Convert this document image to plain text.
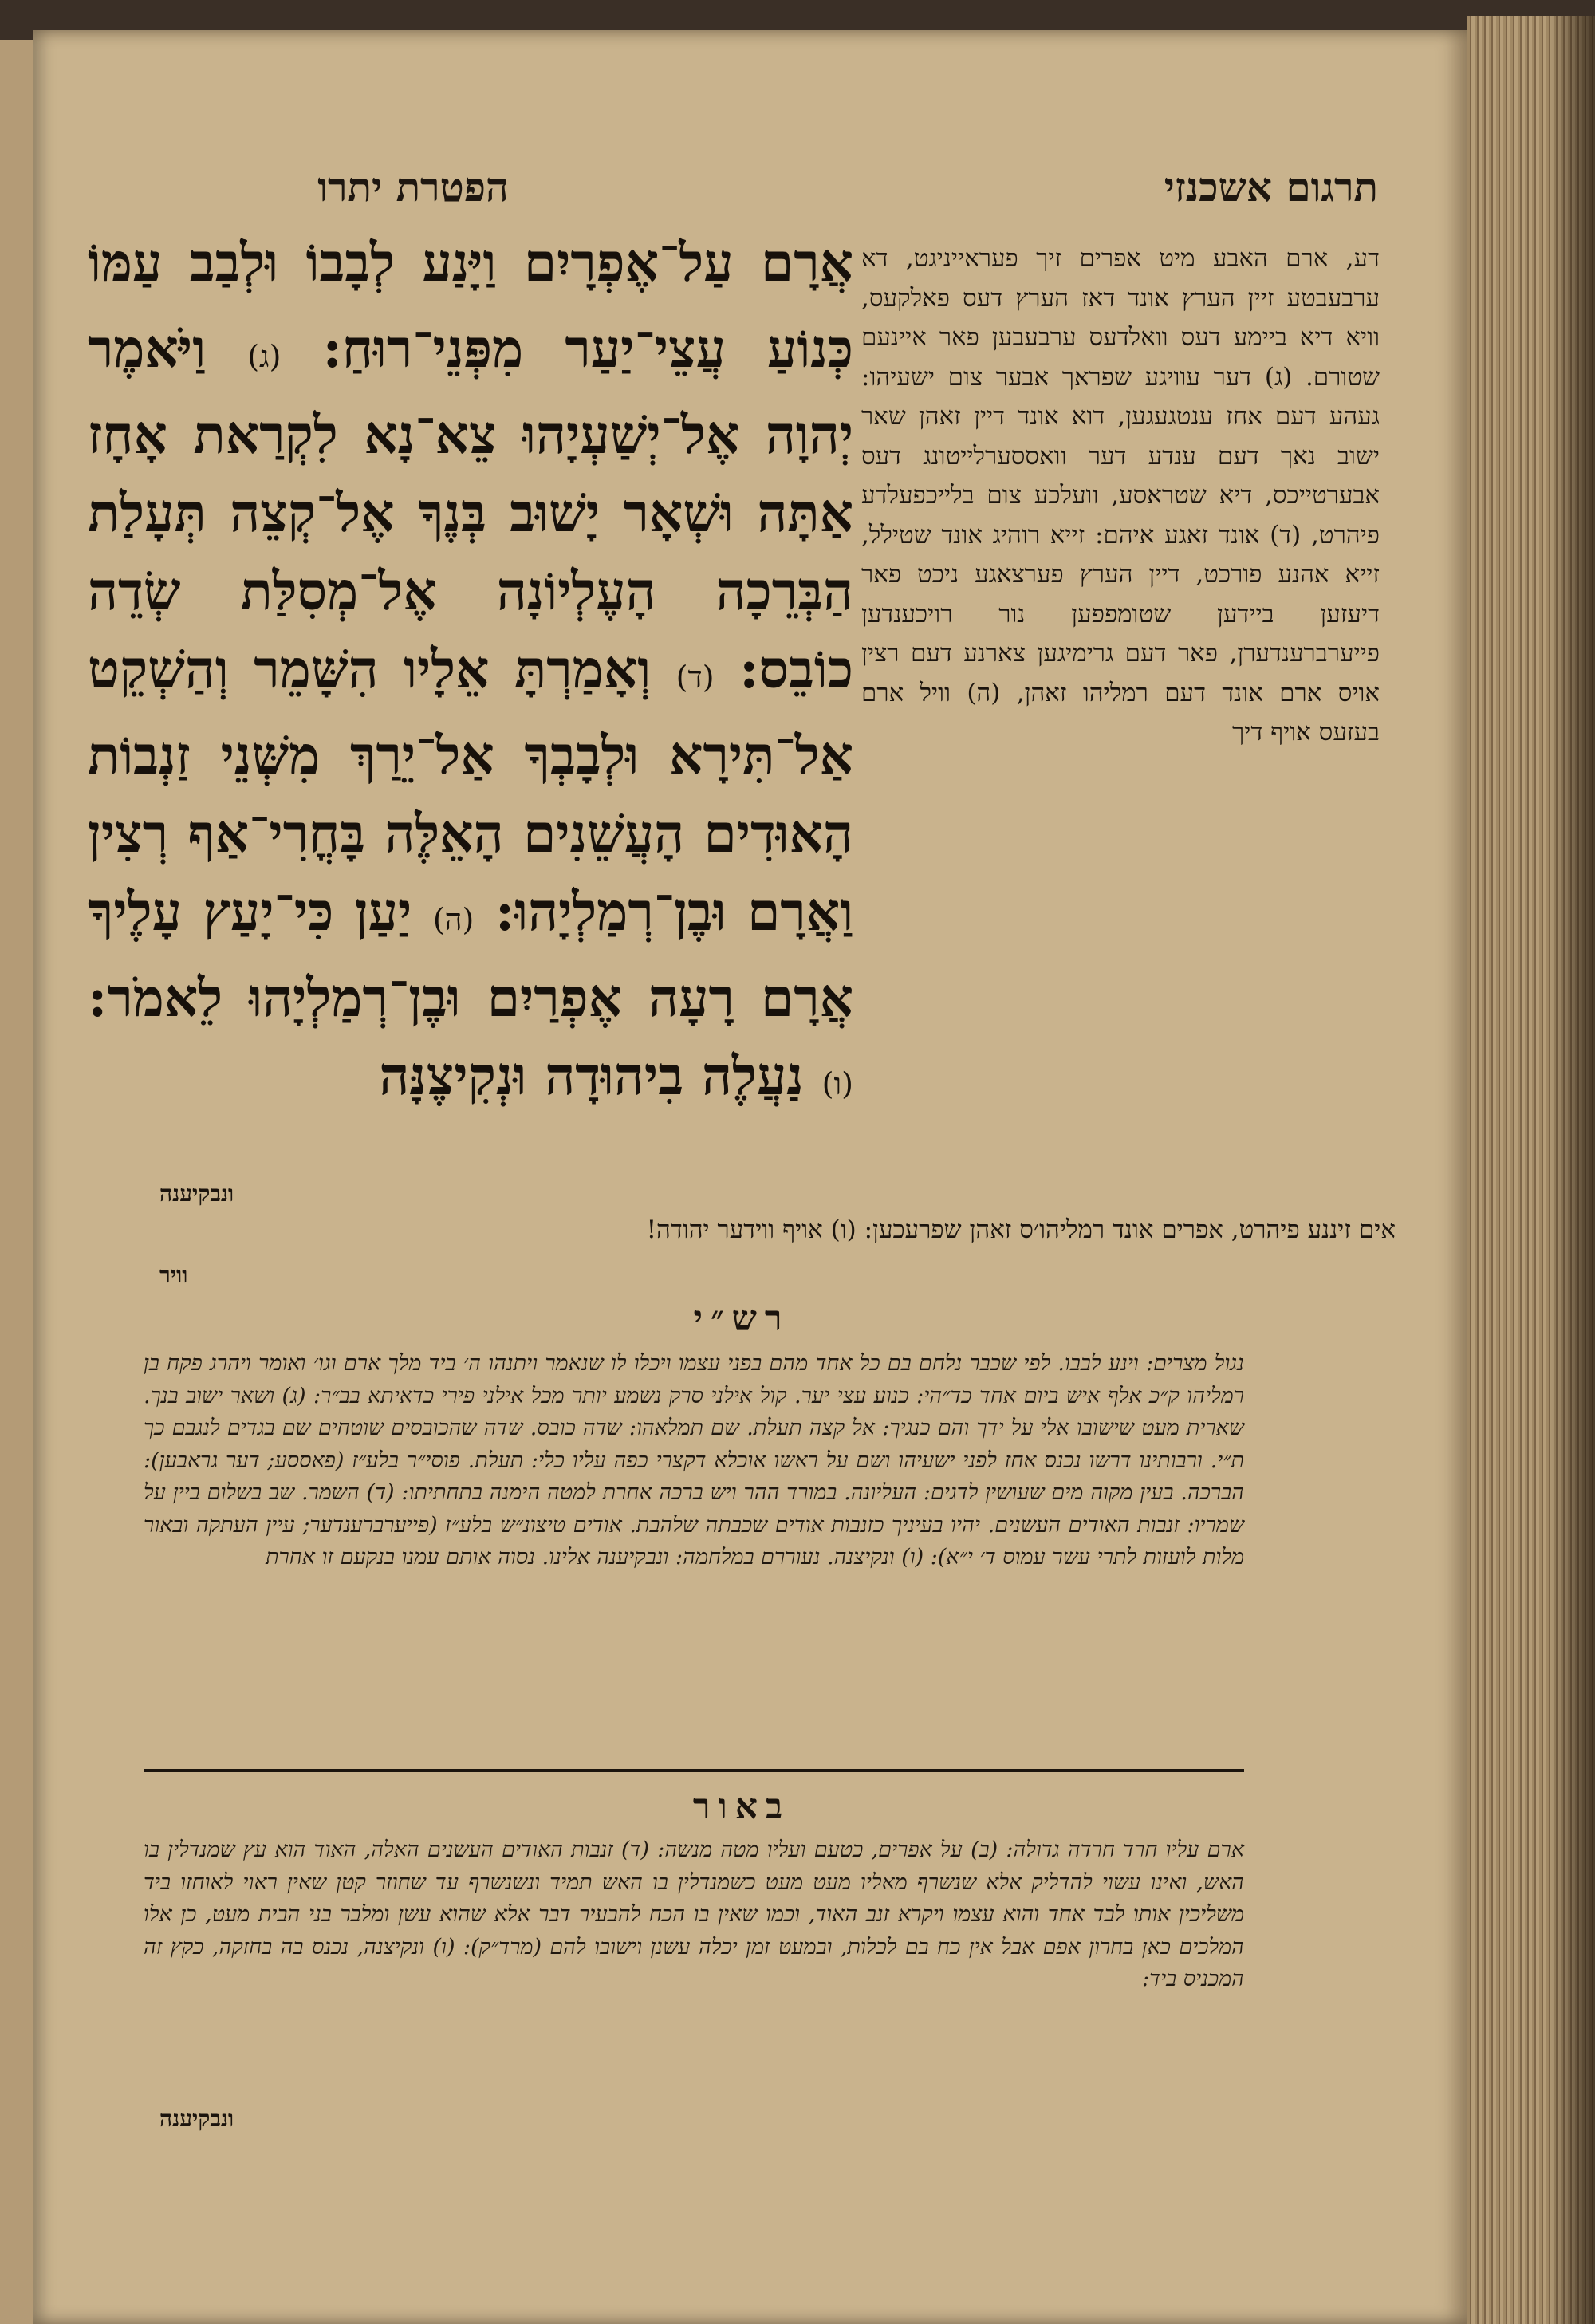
הפטרת יתרו	תרגום אשכנזי
אֲרָם עַל־אֶפְרָיִם וַיָּנַע לְבָבוֹ וּלְבַב עַמּוֹ כְּנוֹעַ עֲצֵי־יַעַר מִפְּנֵי־רוּחַ: (ג) וַיֹּאמֶר יְהוָה אֶל־יְשַׁעְיָהוּ צֵא־נָא לִקְרַאת אָחָז אַתָּה וּשְׁאָר יָשׁוּב בְּנֶךָ אֶל־קְצֵה תְּעָלַת הַבְּרֵכָה הָעֶלְיוֹנָה אֶל־מְסִלַּת שְׂדֵה כוֹבֵס: (ד) וְאָמַרְתָּ אֵלָיו הִשָּׁמֵר וְהַשְׁקֵט אַל־תִּירָא וּלְבָבְךָ אַל־יֵרַךְ מִשְּׁנֵי זַנְבוֹת הָאוּדִים הָעֲשֵׁנִים הָאֵלֶּה בָּחֳרִי־אַף רְצִין וַאֲרָם וּבֶן־רְמַלְיָהוּ: (ה) יַעַן כִּי־יָעַץ עָלֶיךָ אֲרָם רָעָה אֶפְרַיִם וּבֶן־רְמַלְיָהוּ לֵאמֹר: (ו) נַעֲלֶה בִיהוּדָה וּנְקִיצֶנָּה
דע, ארם האבע מיט אפרים זיך פעראייניגט, דא ערבעבטע זיין הערץ אונד דאז הערץ דעס פאלקעס, וויא דיא ביימע דעס וואלדעס ערבעבען פאר איינעם שטורם. (ג) דער עוויגע שפראך אבער צום ישעיהו: געהע דעם אחז ענטגעגען, דוא אונד דיין זאהן שאר ישוב נאך דעם ענדע דער וואססערלייטונג דעס אבערטייכס, דיא שטראסע, וועלכע צום בלייכפעלדע פיהרט, (ד) אונד זאגע איהם: זייא רוהיג אונד שטילל, זייא אהנע פורכט, דיין הערץ פערצאגע ניכט פאר דיעזען ביידען שטומפפען נור רויכענדען פייערברענדערן, פאר דעם גרימיגען צארנע דעם רצין אויס ארם אונד דעם רמליהו זאהן, (ה) וויל ארם בעזעס אויף דיך
ונבקיענה
אים זיננע פיהרט, אפרים אונד רמליהו׳ס זאהן שפרעכען: (ו) אויף ווידער יהודה!
וויר
רש״י
נגול מצרים: וינע לבבו. לפי שכבר נלחם בם כל אחד מהם בפני עצמו ויכלו לו שנאמר ויתנהו ה׳ ביד מלך ארם וגו׳ ואומר ויהרג פקח בן רמליהו ק״כ אלף איש ביום אחד כד״הי: כנוע עצי יער. קול אילני סרק נשמע יותר מכל אילני פירי כדאיתא בב״ר: (ג) ושאר ישוב בנך. שארית מעט שישובו אלי על ידך והם כנגיך: אל קצה תעלת. שם תמלאהו: שדה כובס. שדה שהכובסים שוטחים שם בגדים לנגבם כך ת״י. ורבותינו דרשו נכנס אחז לפני ישעיהו ושם על ראשו אוכלא דקצרי כפה עליו כלי: תעלת. פוסי״ר בלע״ז (פאססע; דער גראבען): הברכה. בעין מקוה מים שעושין לדגים: העליונה. במורד ההר ויש ברכה אחרת למטה הימנה בתחתיתו: (ד) השמר. שב בשלום ביין על שמריו: זנבות האודים העשנים. יהיו בעיניך כזנבות אודים שכבתה שלהבת. אודים טיצונ״ש בלע״ז (פייערברענדער; עיין העתקה ובאור מלות לועזות לתרי עשר עמוס ד׳ י״א): (ו) ונקיצנה. נעוררם במלחמה: ונבקיענה אלינו. נסוה אותם עמנו בנקעם זו אחרת
באור
ארם עליו חרד חרדה גדולה: (ב) על אפרים, כטעם ועליו מטה מנשה: (ד) זנבות האודים העשנים האלה, האוד הוא עץ שמנדלין בו האש, ואינו עשוי להדליק אלא שנשרף מאליו מעט מעט כשמנדלין בו האש תמיד ונשנשרף עד שחוזר קטן שאין ראוי לאוחזו ביד משליכין אותו לבד אחד והוא עצמו ויקרא זנב האוד, וכמו שאין בו הכח להבעיר דבר אלא שהוא עשן ומלבר בני הבית מעט, כן אלו המלכים כאן בחרון אפם אבל אין כח בם לכלות, ובמעט זמן יכלה עשנן וישובו להם (מרד״ק): (ו) ונקיצנה, נכנס בה בחזקה, כקץ זה המכניס ביד:
ונבקיענה
